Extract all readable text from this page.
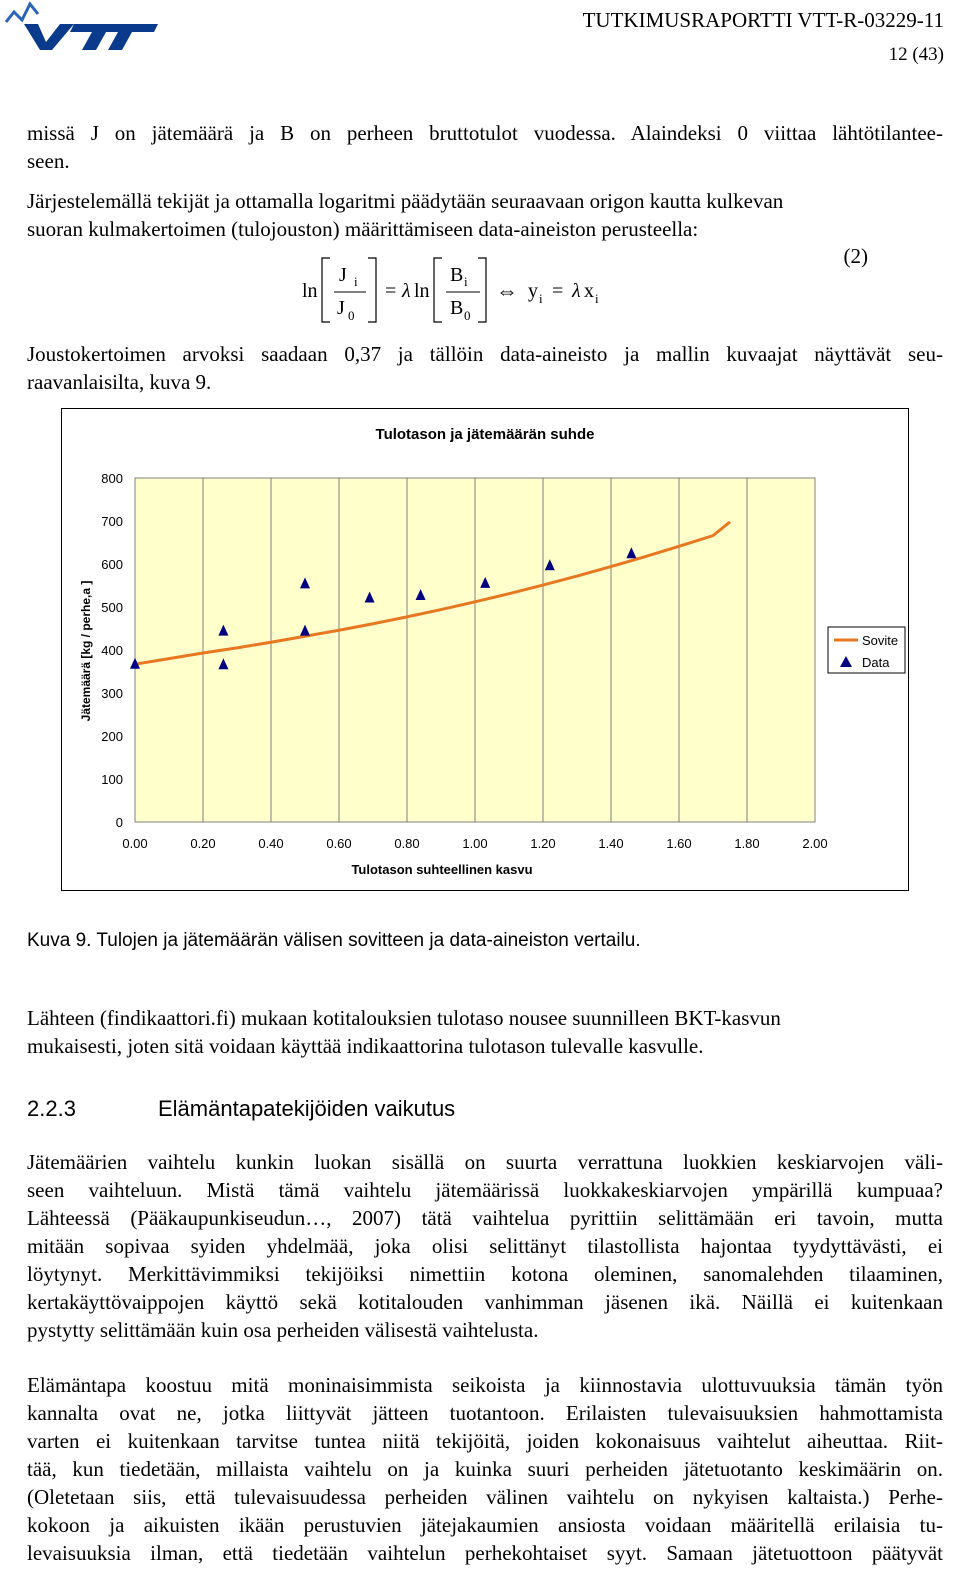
TUTKIMUSRAPORTTI VTT-R-03229-11
12 (43)

missä J on jätemäärä ja B on perheen bruttotulot vuodessa. Alaindeksi 0 viittaa lähtötilantee-
seen.

Järjestelemällä tekijät ja ottamalla logaritmi päädytään seuraavaan origon kautta kulkevan
suoran kulmakertoimen (tulojouston) määrittämiseen data-aineiston perusteella:

ln
J i
J 0
= λ ln
B i
B 0
⇔ y i = λ x i
(2)

Joustokertoimen arvoksi saadaan 0,37 ja tällöin data-aineisto ja mallin kuvaajat näyttävät seu-
raavanlaisilta, kuva 9.

Tulotason ja jätemäärän suhde
0
100
200
300
400
500
600
700
800
0.00	0.20	0.40	0.60	0.80	1.00	1.20	1.40	1.60	1.80	2.00
Tulotason suhteellinen kasvu
Jätemäärä [kg / perhe,a ]	Sovite
Data
Kuva 9. Tulojen ja jätemäärän välisen sovitteen ja data-aineiston vertailu.

Lähteen (findikaattori.fi) mukaan kotitalouksien tulotaso nousee suunnilleen BKT-kasvun
mukaisesti, joten sitä voidaan käyttää indikaattorina tulotason tulevalle kasvulle.

2.2.3	Elämäntapatekijöiden vaikutus

Jätemäärien vaihtelu kunkin luokan sisällä on suurta verrattuna luokkien keskiarvojen väli-
seen vaihteluun. Mistä tämä vaihtelu jätemäärissä luokkakeskiarvojen ympärillä kumpuaa?
Lähteessä (Pääkaupunkiseudun…, 2007) tätä vaihtelua pyrittiin selittämään eri tavoin, mutta
mitään sopivaa syiden yhdelmää, joka olisi selittänyt tilastollista hajontaa tyydyttävästi, ei
löytynyt. Merkittävimmiksi tekijöiksi nimettiin kotona oleminen, sanomalehden tilaaminen,
kertakäyttövaippojen käyttö sekä kotitalouden vanhimman jäsenen ikä. Näillä ei kuitenkaan
pystytty selittämään kuin osa perheiden välisestä vaihtelusta.

Elämäntapa koostuu mitä moninaisimmista seikoista ja kiinnostavia ulottuvuuksia tämän työn
kannalta ovat ne, jotka liittyvät jätteen tuotantoon. Erilaisten tulevaisuuksien hahmottamista
varten ei kuitenkaan tarvitse tuntea niitä tekijöitä, joiden kokonaisuus vaihtelut aiheuttaa. Riit-
tää, kun tiedetään, millaista vaihtelu on ja kuinka suuri perheiden jätetuotanto keskimäärin on.
(Oletetaan siis, että tulevaisuudessa perheiden välinen vaihtelu on nykyisen kaltaista.) Perhe-
kokoon ja aikuisten ikään perustuvien jätejakaumien ansiosta voidaan määritellä erilaisia tu-
levaisuuksia ilman, että tiedetään vaihtelun perhekohtaiset syyt. Samaan jätetuottoon päätyvät
